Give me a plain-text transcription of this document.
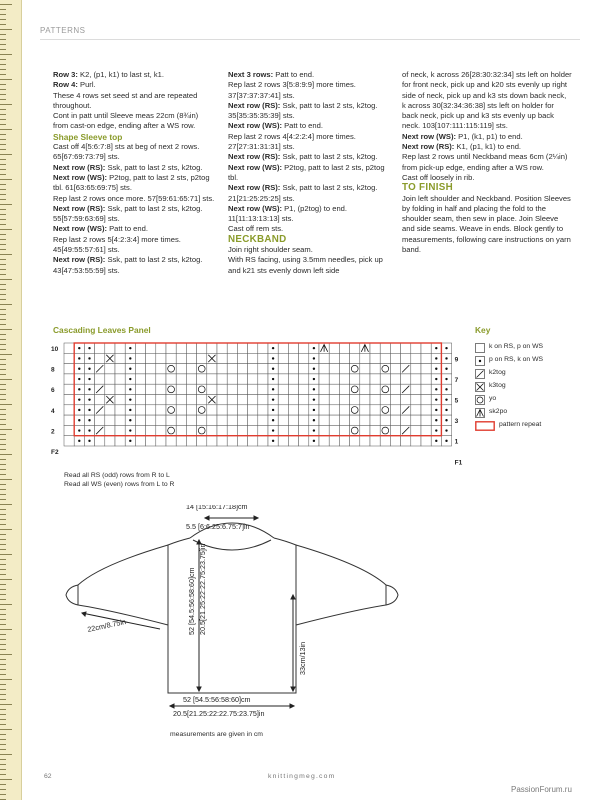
PATTERNS

Row 3: K2, (p1, k1) to last st, k1.

Row 4: Purl.

These 4 rows set seed st and are repeated throughout.

Cont in patt until Sleeve meas 22cm (8¾in) from cast-on edge, ending after a WS row.

Shape Sleeve top

Cast off 4[5:6:7:8] sts at beg of next 2 rows. 65[67:69:73:79] sts.

Next row (RS): Ssk, patt to last 2 sts, k2tog.

Next row (WS): P2tog, patt to last 2 sts, p2tog tbl. 61[63:65:69:75] sts.

Rep last 2 rows once more. 57[59:61:65:71] sts.

Next row (RS): Ssk, patt to last 2 sts, k2tog. 55[57:59:63:69] sts.

Next row (WS): Patt to end.

Rep last 2 rows 5[4:2:3:4] more times. 45[49:55:57:61] sts.

Next row (RS): Ssk, patt to last 2 sts, k2tog. 43[47:53:55:59] sts.

Next 3 rows: Patt to end.

Rep last 2 rows 3[5:8:9:9] more times. 37[37:37:37:41] sts.

Next row (RS): Ssk, patt to last 2 sts, k2tog. 35[35:35:35:39] sts.

Next row (WS): Patt to end.

Rep last 2 rows 4[4:2:2:4] more times. 27[27:31:31:31] sts.

Next row (RS): Ssk, patt to last 2 sts, k2tog.

Next row (WS): P2tog, patt to last 2 sts, p2tog tbl.

Next row (RS): Ssk, patt to last 2 sts, k2tog. 21[21:25:25:25] sts.

Next row (WS): P1, (p2tog) to end. 11[11:13:13:13] sts.

Cast off rem sts.

NECKBAND

Join right shoulder seam.

With RS facing, using 3.5mm needles, pick up and k21 sts evenly down left side

of neck, k across 26[28:30:32:34] sts left on holder for front neck, pick up and k20 sts evenly up right side of neck, pick up and k3 sts down back neck, k across 30[32:34:36:38] sts left on holder for back neck, pick up and k3 sts evenly up back neck. 103[107:111:115:119] sts.

Next row (WS): P1, (k1, p1) to end.

Next row (RS): K1, (p1, k1) to end.

Rep last 2 rows until Neckband meas 6cm (2¼in) from pick-up edge, ending after a WS row.

Cast off loosely in rib.

TO FINISH

Join left shoulder and Neckband. Position Sleeves by folding in half and placing the fold to the shoulder seam, then sew in place. Join Sleeve and side seams. Weave in ends. Block gently to measurements, following care instructions on yarn band.

Cascading Leaves Panel
10
8
6
4
2
F2
9
7
5
3
1
F1
Read all RS (odd) rows from R to L
Read all WS (even) rows from L to R
Key
k on RS, p on WS
p on RS, k on WS
k2tog
k3tog
yo
sk2po
pattern repeat
14 [15:16:17:18]cm
5.5 [6:6.25:6.75:7]in
52 [54.5:56:58:60]cm 20.5[21.25:22:22.75:23.75]in
33cm/13in
52 [54.5:56:58:60]cm
20.5[21.25:22:22.75:23.75]in
22cm/8.75in
measurements are given in cm
62	knittingmeg.com
PassionForum.ru
